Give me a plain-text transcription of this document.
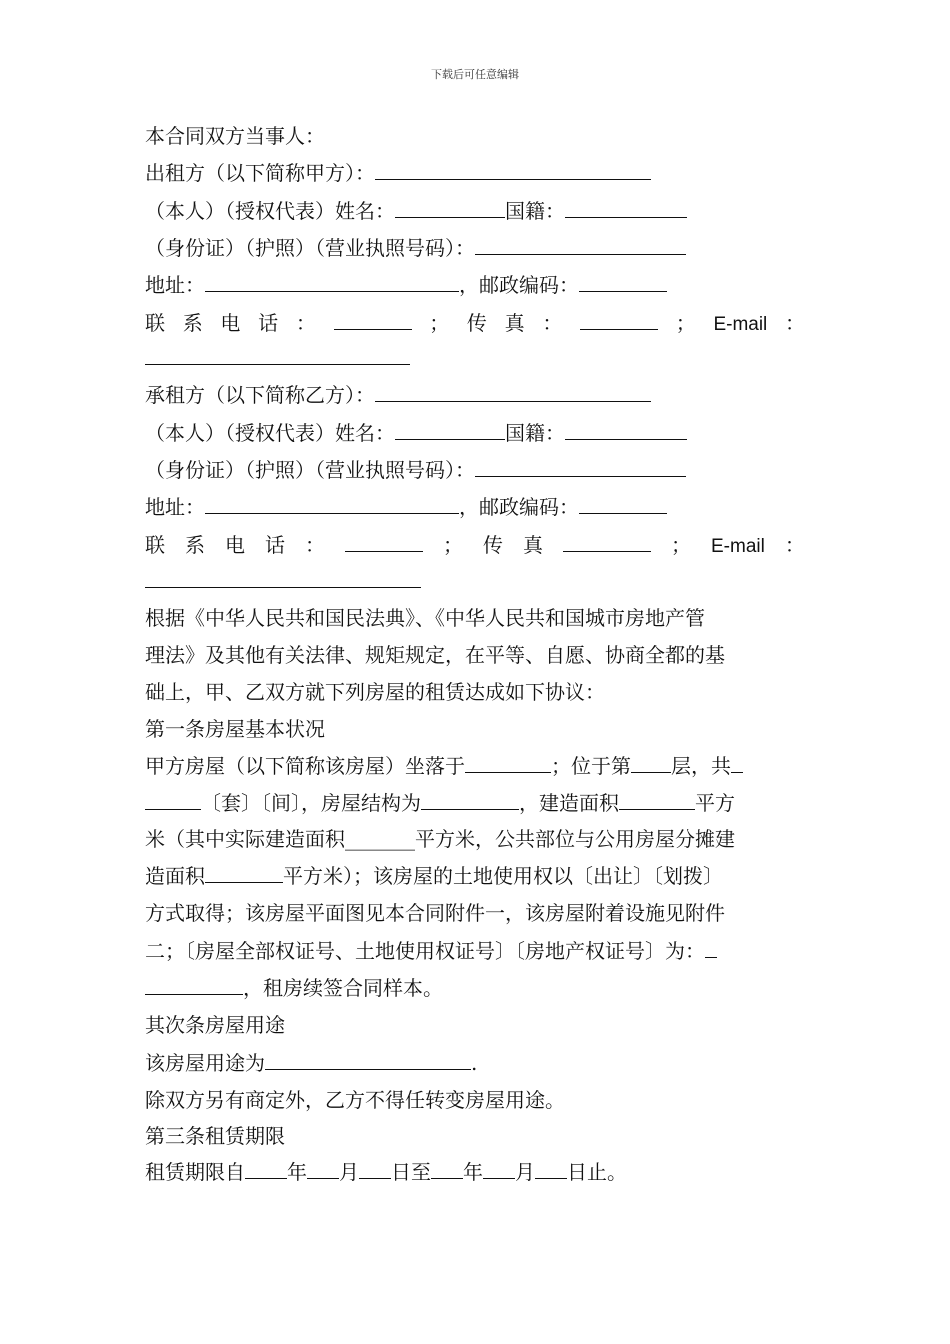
下载后可任意编辑
本合同双方当事人：
出租方（以下简称甲方）：
（本人）（授权代表）姓名：	国籍：
（身份证）（护照）（营业执照号码）：
地址：	，邮政编码：
联 系 电 话 ：	； 传 真 ：	； E-mail ：
承租方（以下简称乙方）：
（本人）（授权代表）姓名：	国籍：
（身份证）（护照）（营业执照号码）：
地址：	，邮政编码：
联 系 电 话 ：	； 传 真	； E-mail ：
根据《中华人民共和国民法典》、《中华人民共和国城市房地产管
理法》及其他有关法律、规矩规定，在平等、自愿、协商全都的基
础上，甲、乙双方就下列房屋的租赁达成如下协议：
第一条房屋基本状况
甲方房屋（以下简称该房屋）坐落于	；位于第 层，共
〔套〕〔间〕，房屋结构为	，建造面积	平方
米（其中实际建造面积_______平方米，公共部位与公用房屋分摊建
造面积	平方米）；该房屋的土地使用权以〔出让〕〔划拨〕
方式取得；该房屋平面图见本合同附件一，该房屋附着设施见附件
二；〔房屋全部权证号、土地使用权证号〕〔房地产权证号〕为：
，租房续签合同样本。
其次条房屋用途
该房屋用途为	.
除双方另有商定外，乙方不得任转变房屋用途。
第三条租赁期限
租赁期限自 年 月 日至 年 月 日止。
